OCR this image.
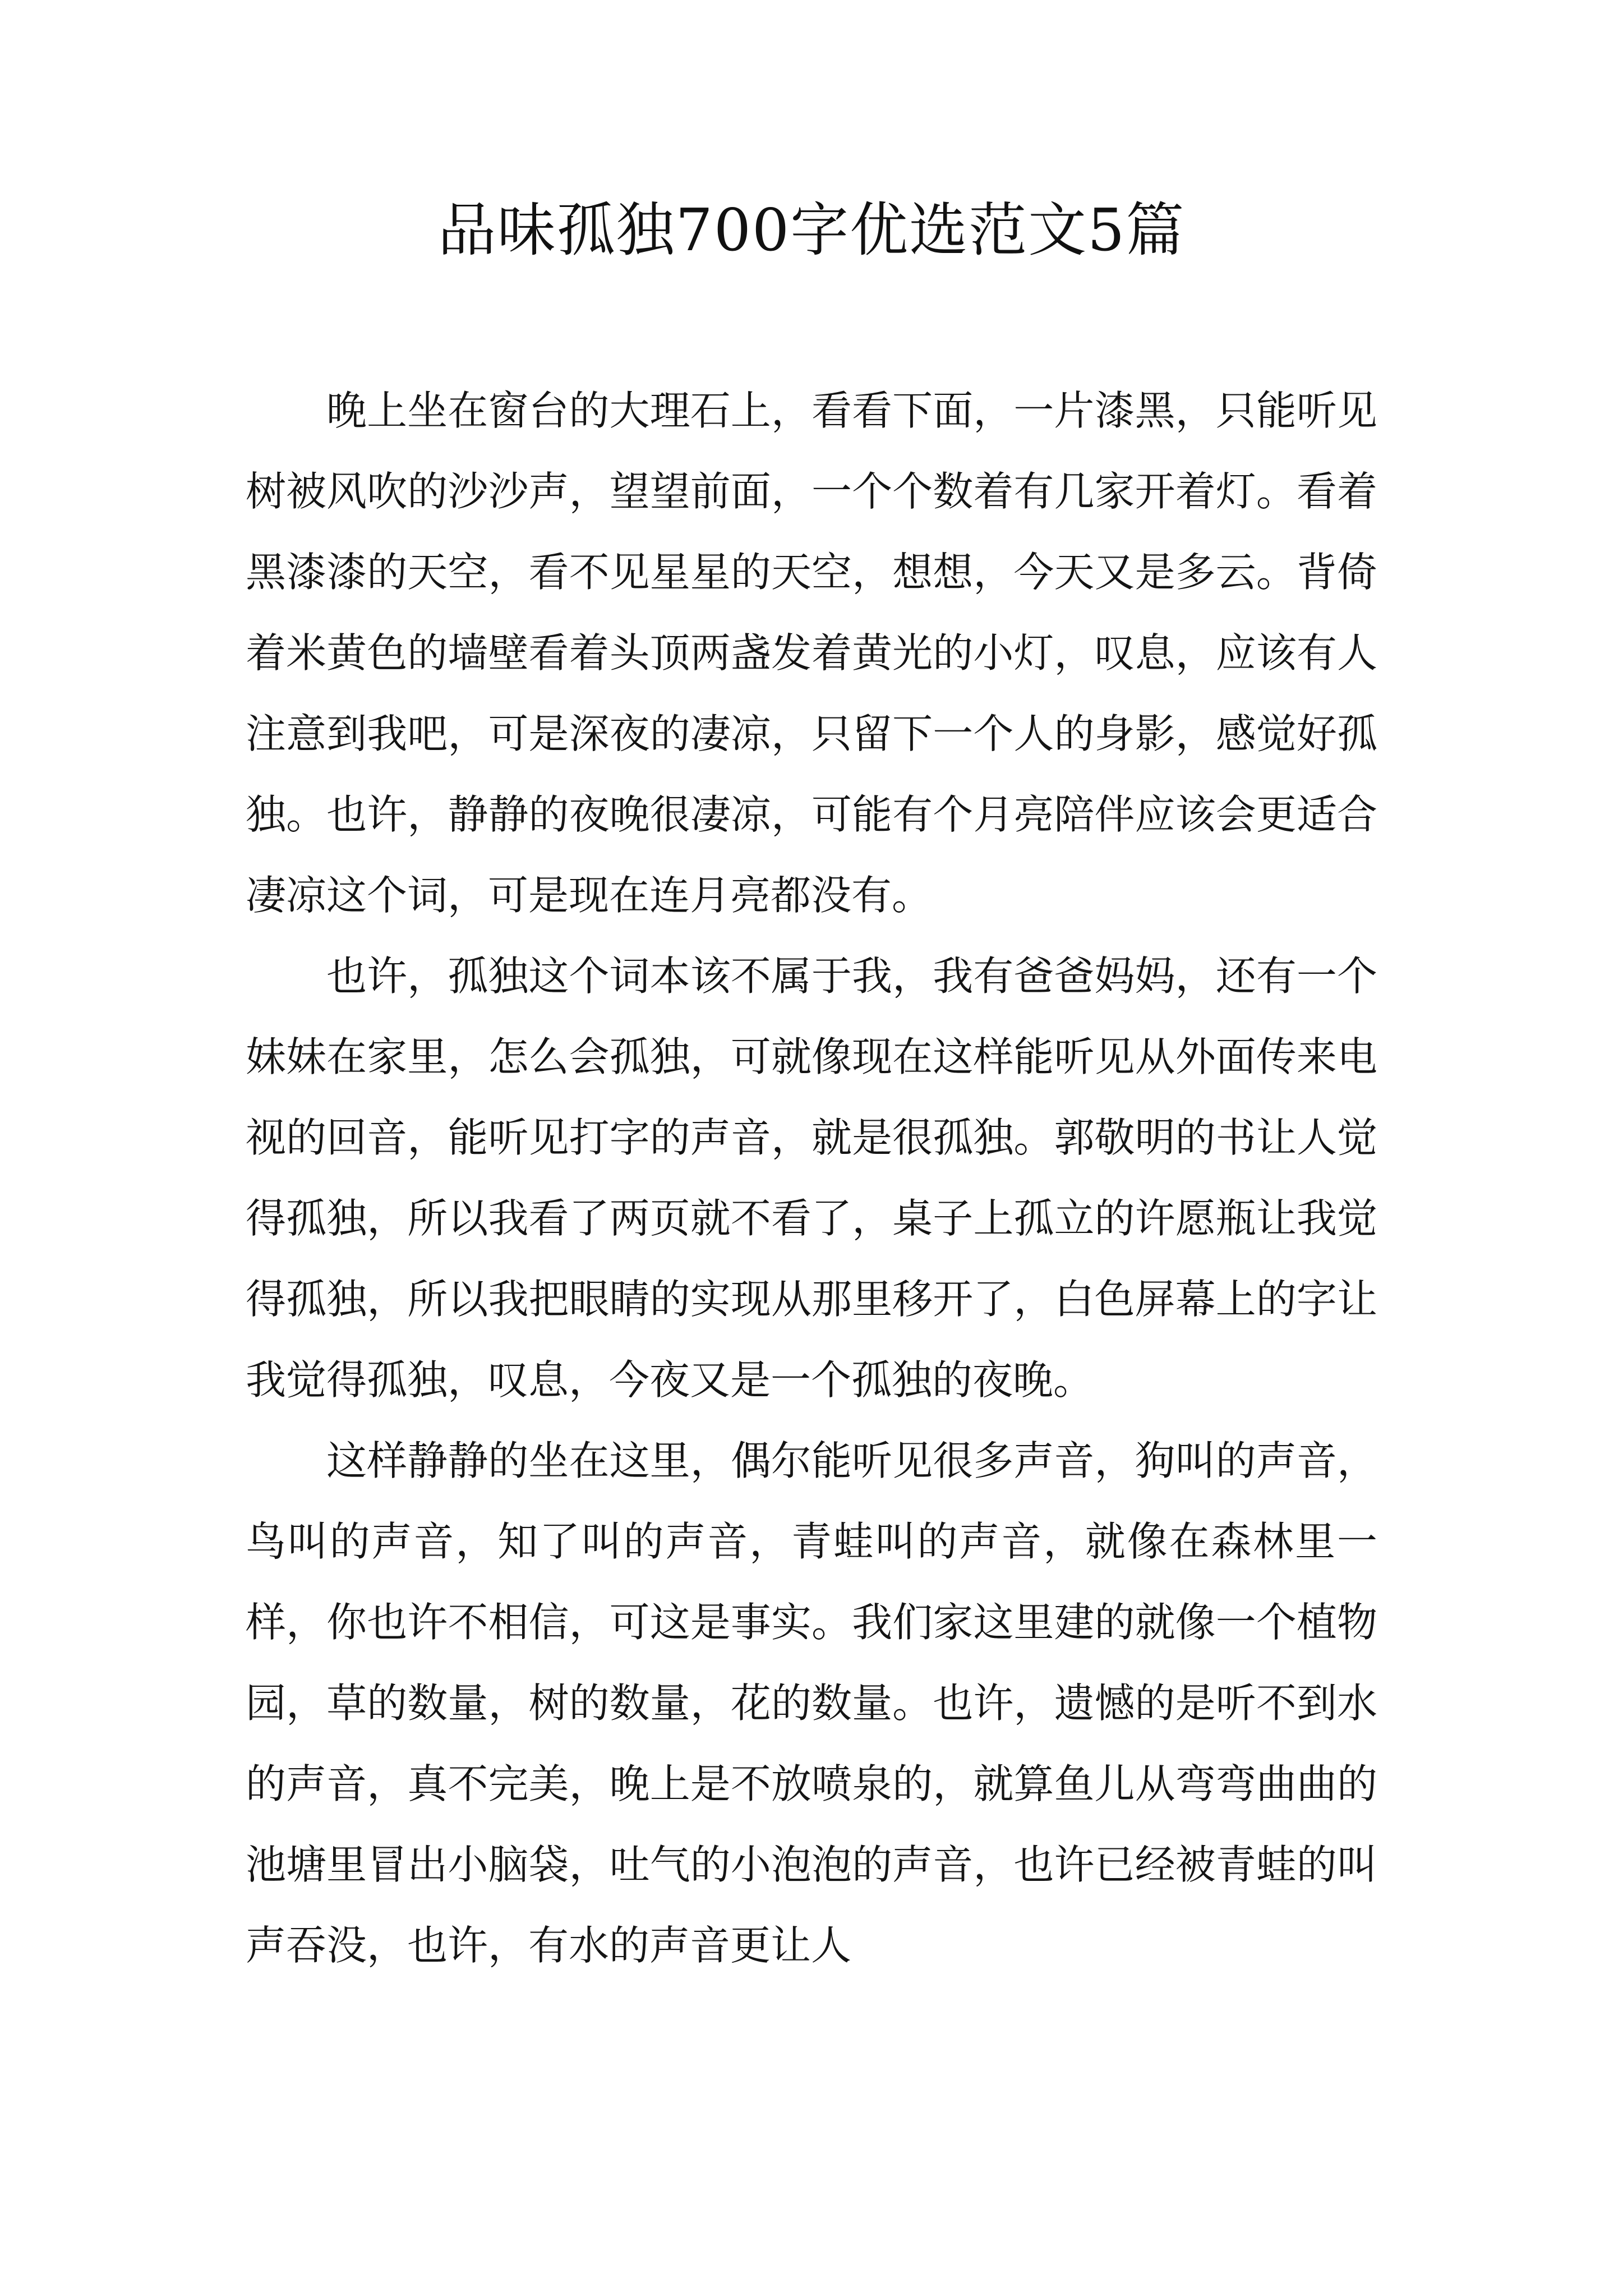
品味孤独700字优选范文5篇

晚上坐在窗台的大理石上，看看下面，一片漆黑，只能听见树被风吹的沙沙声，望望前面，一个个数着有几家开着灯。看着黑漆漆的天空，看不见星星的天空，想想，今天又是多云。背倚着米黄色的墙壁看着头顶两盏发着黄光的小灯，叹息，应该有人注意到我吧，可是深夜的凄凉，只留下一个人的身影，感觉好孤独。也许，静静的夜晚很凄凉，可能有个月亮陪伴应该会更适合凄凉这个词，可是现在连月亮都没有。

也许，孤独这个词本该不属于我，我有爸爸妈妈，还有一个妹妹在家里，怎么会孤独，可就像现在这样能听见从外面传来电视的回音，能听见打字的声音，就是很孤独。郭敬明的书让人觉得孤独，所以我看了两页就不看了，桌子上孤立的许愿瓶让我觉得孤独，所以我把眼睛的实现从那里移开了，白色屏幕上的字让我觉得孤独，叹息，今夜又是一个孤独的夜晚。

这样静静的坐在这里，偶尔能听见很多声音，狗叫的声音，鸟叫的声音，知了叫的声音，青蛙叫的声音，就像在森林里一样，你也许不相信，可这是事实。我们家这里建的就像一个植物园，草的数量，树的数量，花的数量。也许，遗憾的是听不到水的声音，真不完美，晚上是不放喷泉的，就算鱼儿从弯弯曲曲的池塘里冒出小脑袋，吐气的小泡泡的声音，也许已经被青蛙的叫声吞没，也许，有水的声音更让人
